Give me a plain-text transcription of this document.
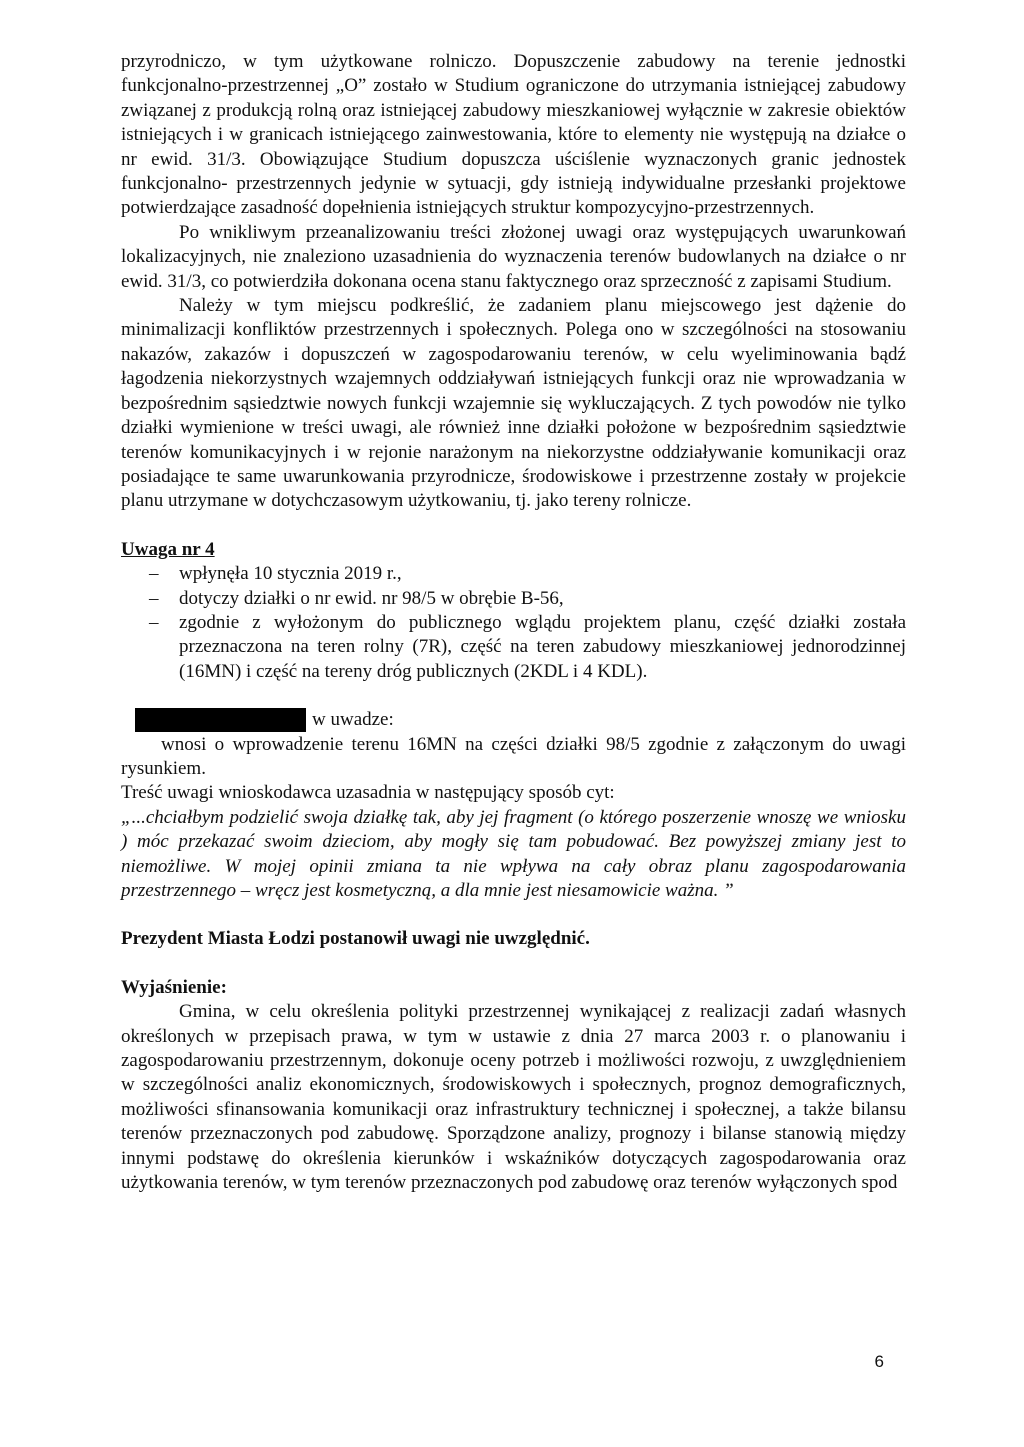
przyrodniczo, w tym użytkowane rolniczo. Dopuszczenie zabudowy na terenie jednostki funkcjonalno-przestrzennej „O” zostało w Studium ograniczone do utrzymania istniejącej zabudowy związanej z produkcją rolną oraz istniejącej zabudowy mieszkaniowej wyłącznie w zakresie obiektów istniejących i w granicach istniejącego zainwestowania, które to elementy nie występują na działce o nr ewid. 31/3. Obowiązujące Studium dopuszcza uściślenie wyznaczonych granic jednostek funkcjonalno- przestrzennych jedynie w sytuacji, gdy istnieją indywidualne przesłanki projektowe potwierdzające zasadność dopełnienia istniejących struktur kompozycyjno-przestrzennych.

Po wnikliwym przeanalizowaniu treści złożonej uwagi oraz występujących uwarunkowań lokalizacyjnych, nie znaleziono uzasadnienia do wyznaczenia terenów budowlanych na działce o nr ewid. 31/3, co potwierdziła dokonana ocena stanu faktycznego oraz sprzeczność z zapisami Studium.

Należy w tym miejscu podkreślić, że zadaniem planu miejscowego jest dążenie do minimalizacji konfliktów przestrzennych i społecznych. Polega ono w szczególności na stosowaniu nakazów, zakazów i dopuszczeń w zagospodarowaniu terenów, w celu wyeliminowania bądź łagodzenia niekorzystnych wzajemnych oddziaływań istniejących funkcji oraz nie wprowadzania w bezpośrednim sąsiedztwie nowych funkcji wzajemnie się wykluczających. Z tych powodów nie tylko działki wymienione w treści uwagi, ale również inne działki położone w bezpośrednim sąsiedztwie terenów komunikacyjnych i w rejonie narażonym na niekorzystne oddziaływanie komunikacji oraz posiadające te same uwarunkowania przyrodnicze, środowiskowe i przestrzenne zostały w projekcie planu utrzymane w dotychczasowym użytkowaniu, tj. jako tereny rolnicze.

Uwaga nr 4
– wpłynęła 10 stycznia 2019 r.,
– dotyczy działki o nr ewid. nr 98/5 w obrębie B-56,
– zgodnie z wyłożonym do publicznego wglądu projektem planu, część działki została przeznaczona na teren rolny (7R), część na teren zabudowy mieszkaniowej jednorodzinnej (16MN) i część na tereny dróg publicznych (2KDL i 4 KDL).
w uwadze:

wnosi o wprowadzenie terenu 16MN na części działki 98/5 zgodnie z załączonym do uwagi rysunkiem.

Treść uwagi wnioskodawca uzasadnia w następujący sposób cyt:

„...chciałbym podzielić swoja działkę tak, aby jej fragment (o którego poszerzenie wnoszę we wniosku ) móc przekazać swoim dzieciom, aby mogły się tam pobudować. Bez powyższej zmiany jest to niemożliwe. W mojej opinii zmiana ta nie wpływa na cały obraz planu zagospodarowania przestrzennego – wręcz jest kosmetyczną, a dla mnie jest niesamowicie ważna. ”

Prezydent Miasta Łodzi postanowił uwagi nie uwzględnić.

Wyjaśnienie:

Gmina, w celu określenia polityki przestrzennej wynikającej z realizacji zadań własnych określonych w przepisach prawa, w tym w ustawie z dnia 27 marca 2003 r. o planowaniu i zagospodarowaniu przestrzennym, dokonuje oceny potrzeb i możliwości rozwoju, z uwzględnieniem w szczególności analiz ekonomicznych, środowiskowych i społecznych, prognoz demograficznych, możliwości sfinansowania komunikacji oraz infrastruktury technicznej i społecznej, a także bilansu terenów przeznaczonych pod zabudowę. Sporządzone analizy, prognozy i bilanse stanowią między innymi podstawę do określenia kierunków i wskaźników dotyczących zagospodarowania oraz użytkowania terenów, w tym terenów przeznaczonych pod zabudowę oraz terenów wyłączonych spod

6
